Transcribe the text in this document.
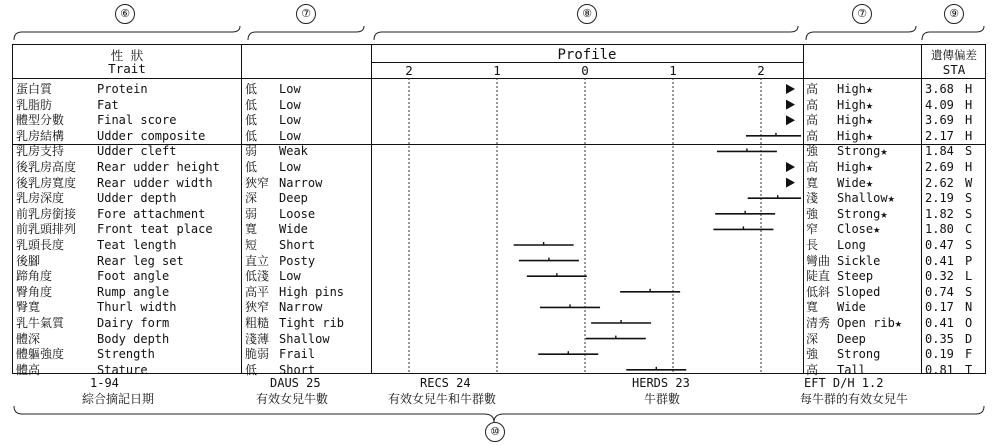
⑥	⑦	⑧	⑦	⑨
性 狀
Trait
Profile	遺傳偏差
STA
2	1	0	1	2
蛋白質	Protein	低	Low	高	High★	3.68 H
乳脂肪	Fat	低	Low	高	High★	4.09 H
體型分數	Final score	低	Low	高	High★	3.69 H
乳房結構	Udder composite	低	Low	高	High★	2.17 H
乳房支持	Udder cleft	弱	Weak	強	Strong★	1.84 S
後乳房高度	Rear udder height	低	Low	高	High★	2.69 H
後乳房寬度	Rear udder width	狹窄 Narrow	寬	Wide★	2.62 W
乳房深度	Udder depth	深	Deep	淺	Shallow★	2.19 S
前乳房銜接	Fore attachment	弱	Loose	強	Strong★	1.82 S
前乳頭排列	Front teat place	寬	Wide	窄	Close★	1.80 C
乳頭長度	Teat length	短	Short	長	Long	0.47 S
後腳	Rear leg set	直立 Posty	彎曲 Sickle	0.41 P
蹄角度	Foot angle	低淺 Low	陡直 Steep	0.32 L
臀角度	Rump angle	高平 High pins	低斜 Sloped	0.74 S
臀寬	Thurl width	狹窄 Narrow	寬	Wide	0.17 N
乳牛氣質	Dairy form	粗糙 Tight rib	清秀 Open rib★	0.41 O
體深	Body depth	淺薄 Shallow	深	Deep	0.35 D
體軀強度	Strength	脆弱 Frail	強	Strong	0.19 F
體高	Stature	低	Short	高	Tall	0.81 T
1-94
綜合摘記日期
DAUS 25
有效女兒牛數
RECS 24
有效女兒牛和牛群數
HERDS 23
牛群數
EFT D/H 1.2
每牛群的有效女兒牛
⑩
